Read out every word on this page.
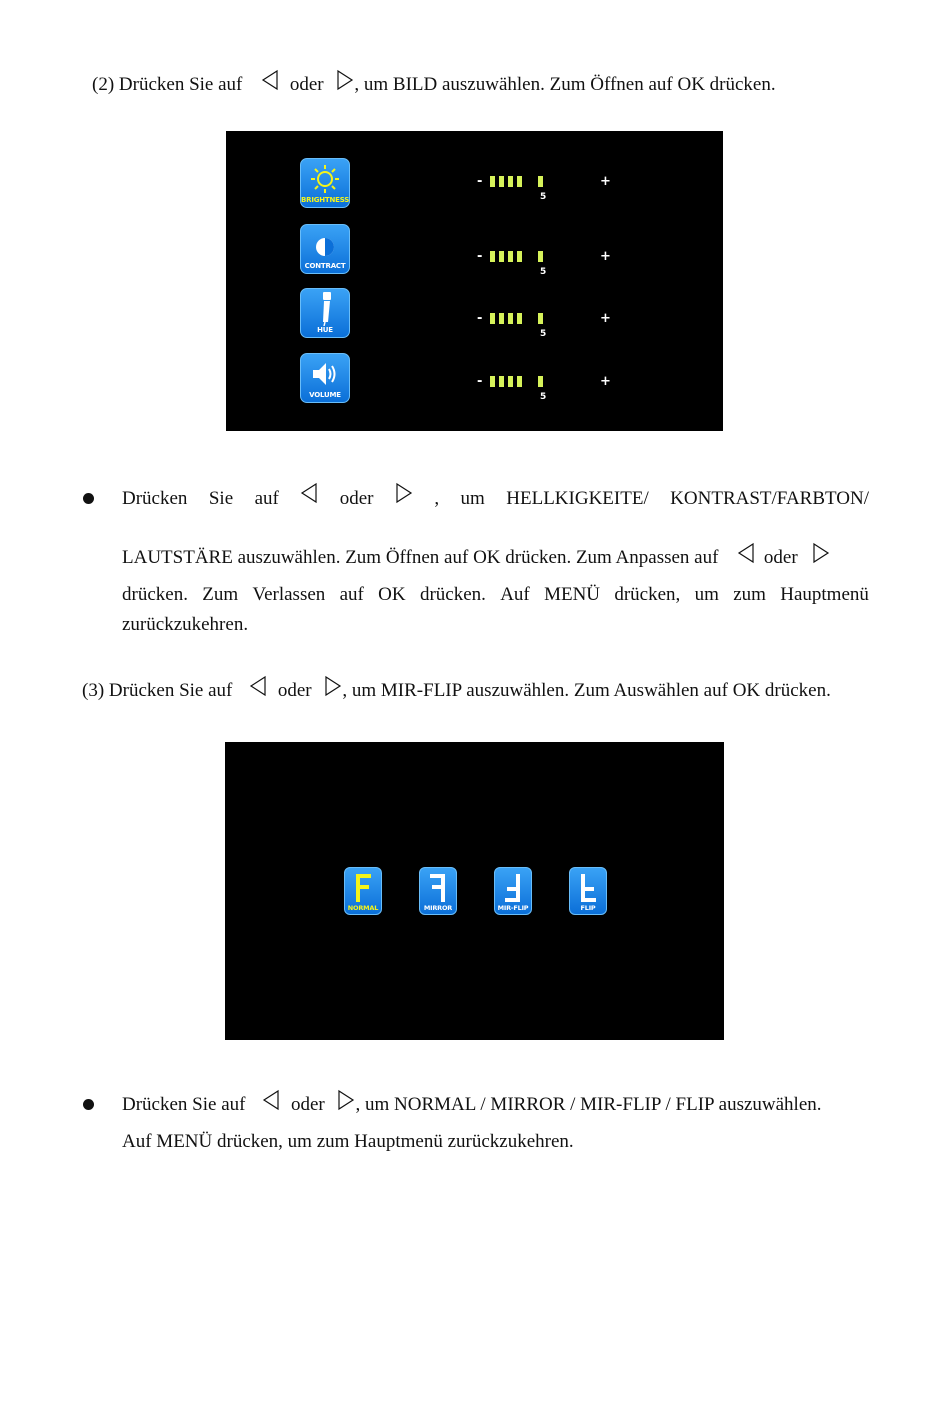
(2) Drücken Sie auf	oder , um BILD auszuwählen. Zum Öffnen auf OK drücken.
BRIGHTNESS
CONTRACT
HUE
VOLUME
-
5
+
-
5
+
-
5
+
-
5
+
Drücken Sie auf	oder	, um HELLKIGKEITE/ KONTRAST/FARBTON/
LAUTSTÄRE auszuwählen. Zum Öffnen auf OK drücken. Zum Anpassen auf oder
drücken. Zum Verlassen auf OK drücken. Auf MENÜ drücken, um zum Hauptmenü
zurückzukehren.
(3) Drücken Sie auf oder , um MIR-FLIP auszuwählen. Zum Auswählen auf OK drücken.
NORMAL	MIRROR	MIR-FLIP	FLIP
Drücken Sie auf oder , um NORMAL / MIRROR / MIR-FLIP / FLIP auszuwählen.
Auf MENÜ drücken, um zum Hauptmenü zurückzukehren.
